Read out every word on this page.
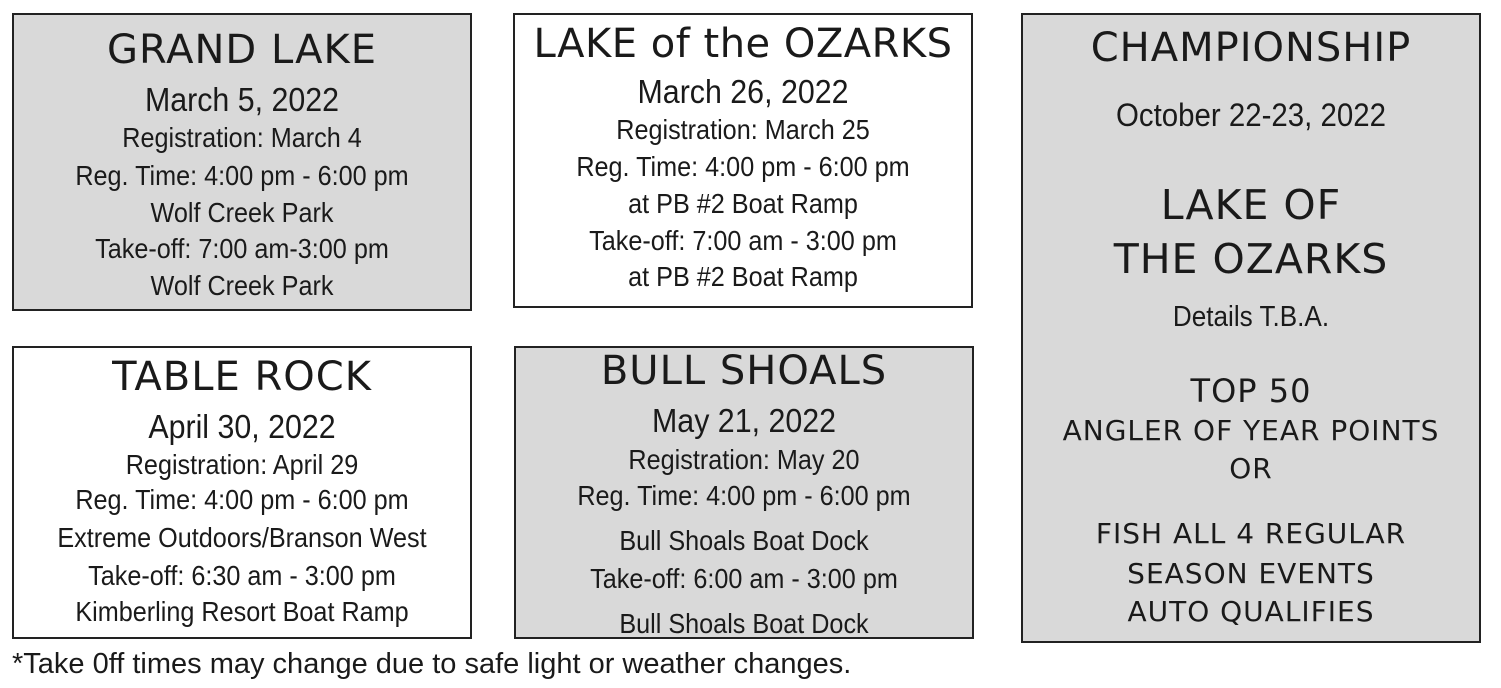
GRAND LAKE
March 5, 2022
Registration: March 4
Reg. Time: 4:00 pm - 6:00 pm
Wolf Creek Park
Take-off: 7:00 am-3:00 pm
Wolf Creek Park
LAKE of the OZARKS
March 26, 2022
Registration: March 25
Reg. Time: 4:00 pm - 6:00 pm
at PB #2 Boat Ramp
Take-off: 7:00 am - 3:00 pm
at PB #2 Boat Ramp
TABLE ROCK
April 30, 2022
Registration: April 29
Reg. Time: 4:00 pm - 6:00 pm
Extreme Outdoors/Branson West
Take-off: 6:30 am - 3:00 pm
Kimberling Resort Boat Ramp
BULL SHOALS
May 21, 2022
Registration: May 20
Reg. Time: 4:00 pm - 6:00 pm
Bull Shoals Boat Dock
Take-off: 6:00 am - 3:00 pm
Bull Shoals Boat Dock
CHAMPIONSHIP
October 22-23, 2022
LAKE OF
THE OZARKS
Details T.B.A.
TOP 50
ANGLER OF YEAR POINTS
OR
FISH ALL 4 REGULAR
SEASON EVENTS
AUTO QUALIFIES
*Take 0ff times may change due to safe light or weather changes.
